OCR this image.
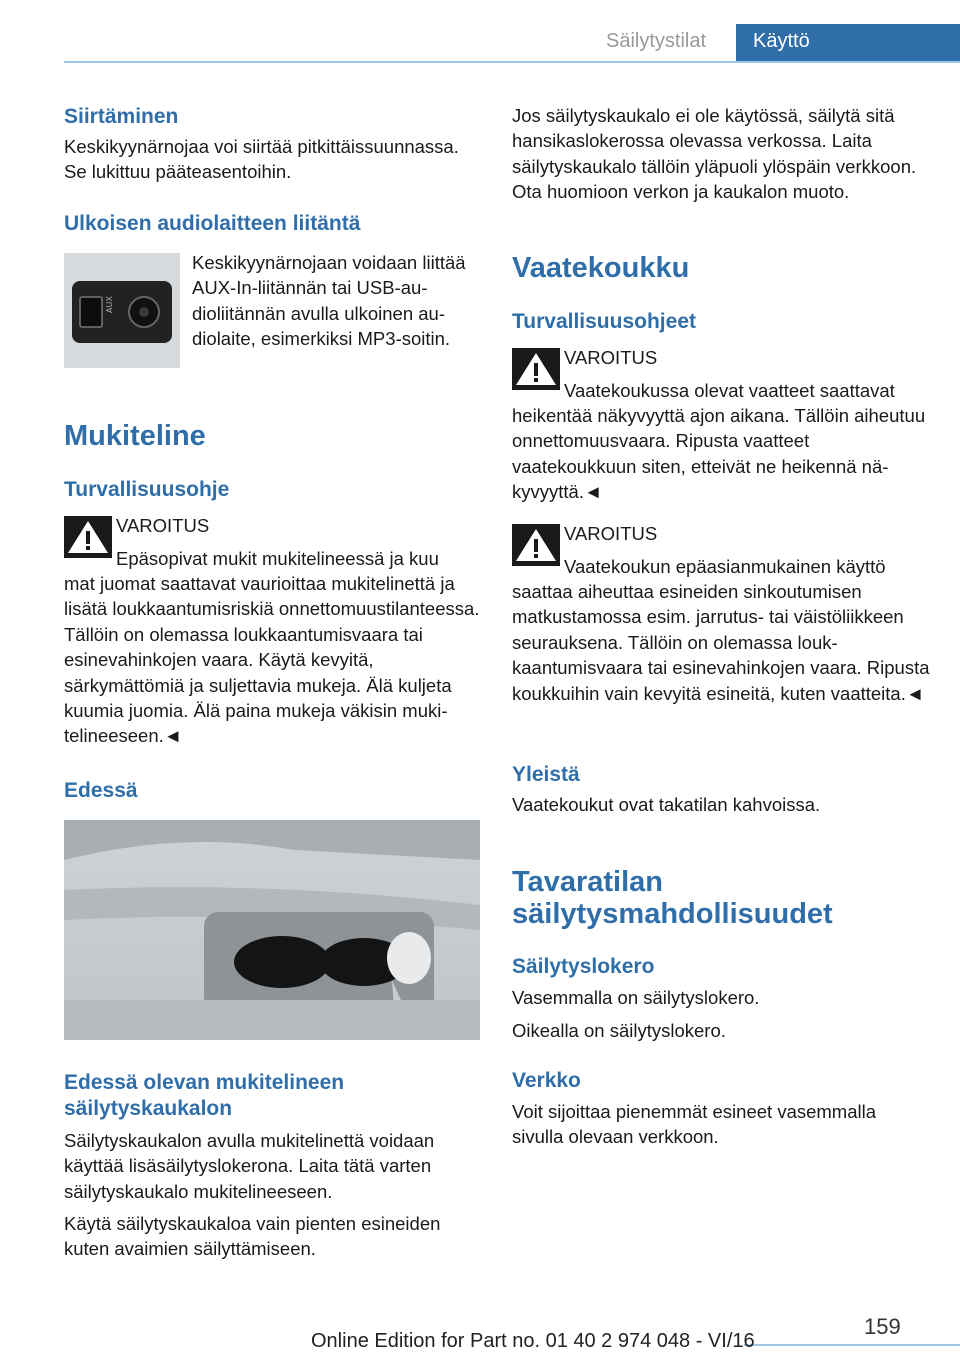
Säilytystilat Käyttö
Siirtäminen
Keskikyynärnojaa voi siirtää pitkittäissuunnassa. Se lukittuu pääteasentoihin.
Ulkoisen audiolaitteen liitäntä
AUX
Keskikyynärnojaan voidaan liittää AUX-In-liitännän tai USB-audioliitännän avulla ulkoinen audiolaite, esimerkiksi MP3-soitin.
Mukiteline
Turvallisuusohje
VAROITUS
Epäsopivat mukit mukitelineessä ja kuu
mat juomat saattavat vaurioittaa mukitelinettä ja lisätä loukkaantumisriskiä onnettomuustilanteessa. Tällöin on olemassa loukkaantumisvaara tai esinevahinkojen vaara. Käytä kevyitä, särkymättömiä ja suljettavia mukeja. Älä kuljeta kuumia juomia. Älä paina mukeja väkisin mukitelineeseen.◄
Edessä
Edessä olevan mukitelineen säilytyskaukalon
Säilytyskaukalon avulla mukitelinettä voidaan käyttää lisäsäilytyslokerona. Laita tätä varten säilytyskaukalo mukitelineeseen.
Käytä säilytyskaukaloa vain pienten esineiden kuten avaimien säilyttämiseen.
Jos säilytyskaukalo ei ole käytössä, säilytä sitä hansikaslokerossa olevassa verkossa. Laita säilytyskaukalo tällöin yläpuoli ylöspäin verkkoon. Ota huomioon verkon ja kaukalon muoto.
Vaatekoukku
Turvallisuusohjeet
VAROITUS
Vaatekoukussa olevat vaatteet saattavat
heikentää näkyvyyttä ajon aikana. Tällöin aiheutuu onnettomuusvaara. Ripusta vaatteet vaatekoukkuun siten, etteivät ne heikennä näkyvyyttä.◄
VAROITUS
Vaatekoukun epäasianmukainen käyttö
saattaa aiheuttaa esineiden sinkoutumisen matkustamossa esim. jarrutus- tai väistöliikkeen seurauksena. Tällöin on olemassa loukkaantumisvaara tai esinevahinkojen vaara. Ripusta koukkuihin vain kevyitä esineitä, kuten vaatteita.◄
Yleistä
Vaatekoukut ovat takatilan kahvoissa.
Tavaratilan säilytysmahdollisuudet
Säilytyslokero
Vasemmalla on säilytyslokero.
Oikealla on säilytyslokero.
Verkko
Voit sijoittaa pienemmät esineet vasemmalla sivulla olevaan verkkoon.
159
Online Edition for Part no. 01 40 2 974 048 - VI/16
